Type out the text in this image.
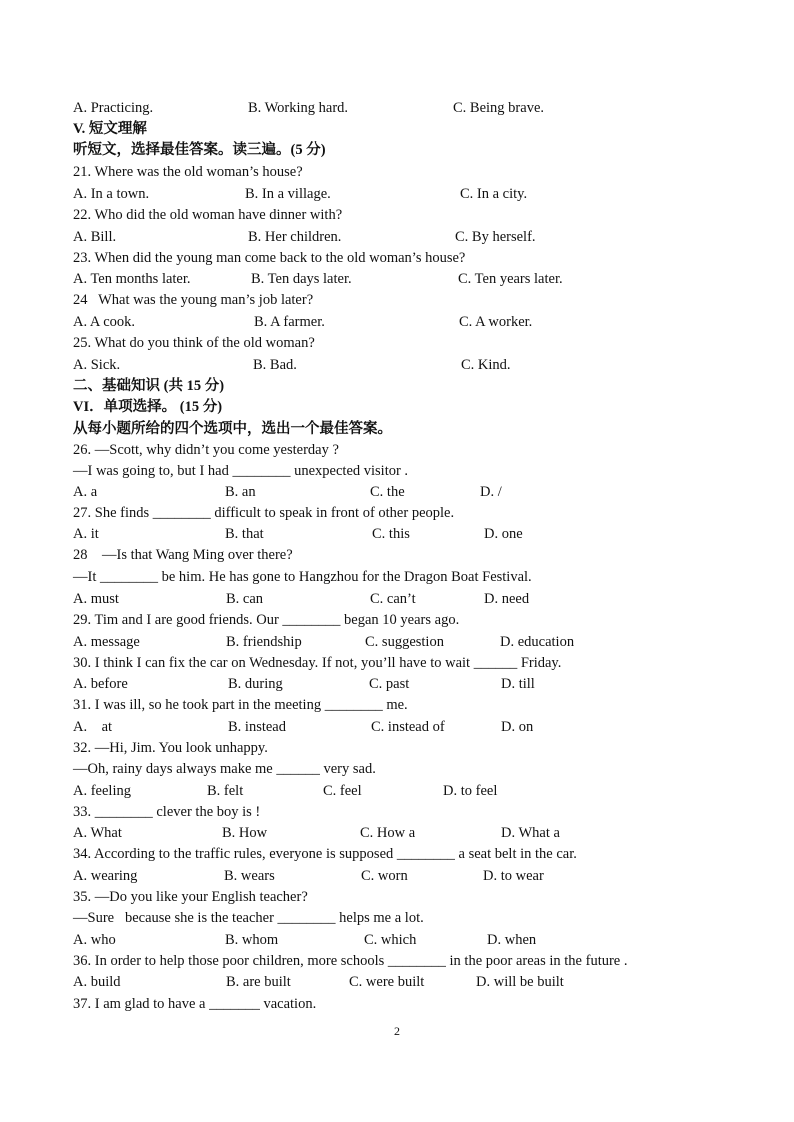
A. Practicing.	B. Working hard.	C. Being brave.
V. 短文理解
听短文，选择最佳答案。读三遍。(5 分)
21. Where was the old woman’s house?
A. In a town.	B. In a village.	C. In a city.
22. Who did the old woman have dinner with?
A. Bill.	B. Her children.	C. By herself.
23. When did the young man come back to the old woman’s house?
A. Ten months later.	B. Ten days later.	C. Ten years later.
24   What was the young man’s job later?
A. A cook.	B. A farmer.	C. A worker.
25. What do you think of the old woman?
A. Sick.	B. Bad.	C. Kind.
二、基础知识 (共 15 分)
VI．单项选择。 (15 分)
从每小题所给的四个选项中，选出一个最佳答案。
26. —Scott, why didn’t you come yesterday ?
—I was going to, but I had ________ unexpected visitor .
A. a	B. an	C. the	D. /
27. She finds ________ difficult to speak in front of other people.
A. it	B. that	C. this	D. one
28    —Is that Wang Ming over there?
—It ________ be him. He has gone to Hangzhou for the Dragon Boat Festival.
A. must	B. can	C. can’t	D. need
29. Tim and I are good friends. Our ________ began 10 years ago.
A. message	B. friendship	C. suggestion	D. education
30. I think I can fix the car on Wednesday. If not, you’ll have to wait ______ Friday.
A. before	B. during	C. past	D. till
31. I was ill, so he took part in the meeting ________ me.
A.    at	B. instead	C. instead of	D. on
32. —Hi, Jim. You look unhappy.
—Oh, rainy days always make me ______ very sad.
A. feeling	B. felt	C. feel	D. to feel
33. ________ clever the boy is !
A. What	B. How	C. How a	D. What a
34. According to the traffic rules, everyone is supposed ________ a seat belt in the car.
A. wearing	B. wears	C. worn	D. to wear
35. —Do you like your English teacher?
—Sure   because she is the teacher ________ helps me a lot.
A. who	B. whom	C. which	D. when
36. In order to help those poor children, more schools ________ in the poor areas in the future .
A. build	B. are built	C. were built	D. will be built
37. I am glad to have a _______ vacation.
2
